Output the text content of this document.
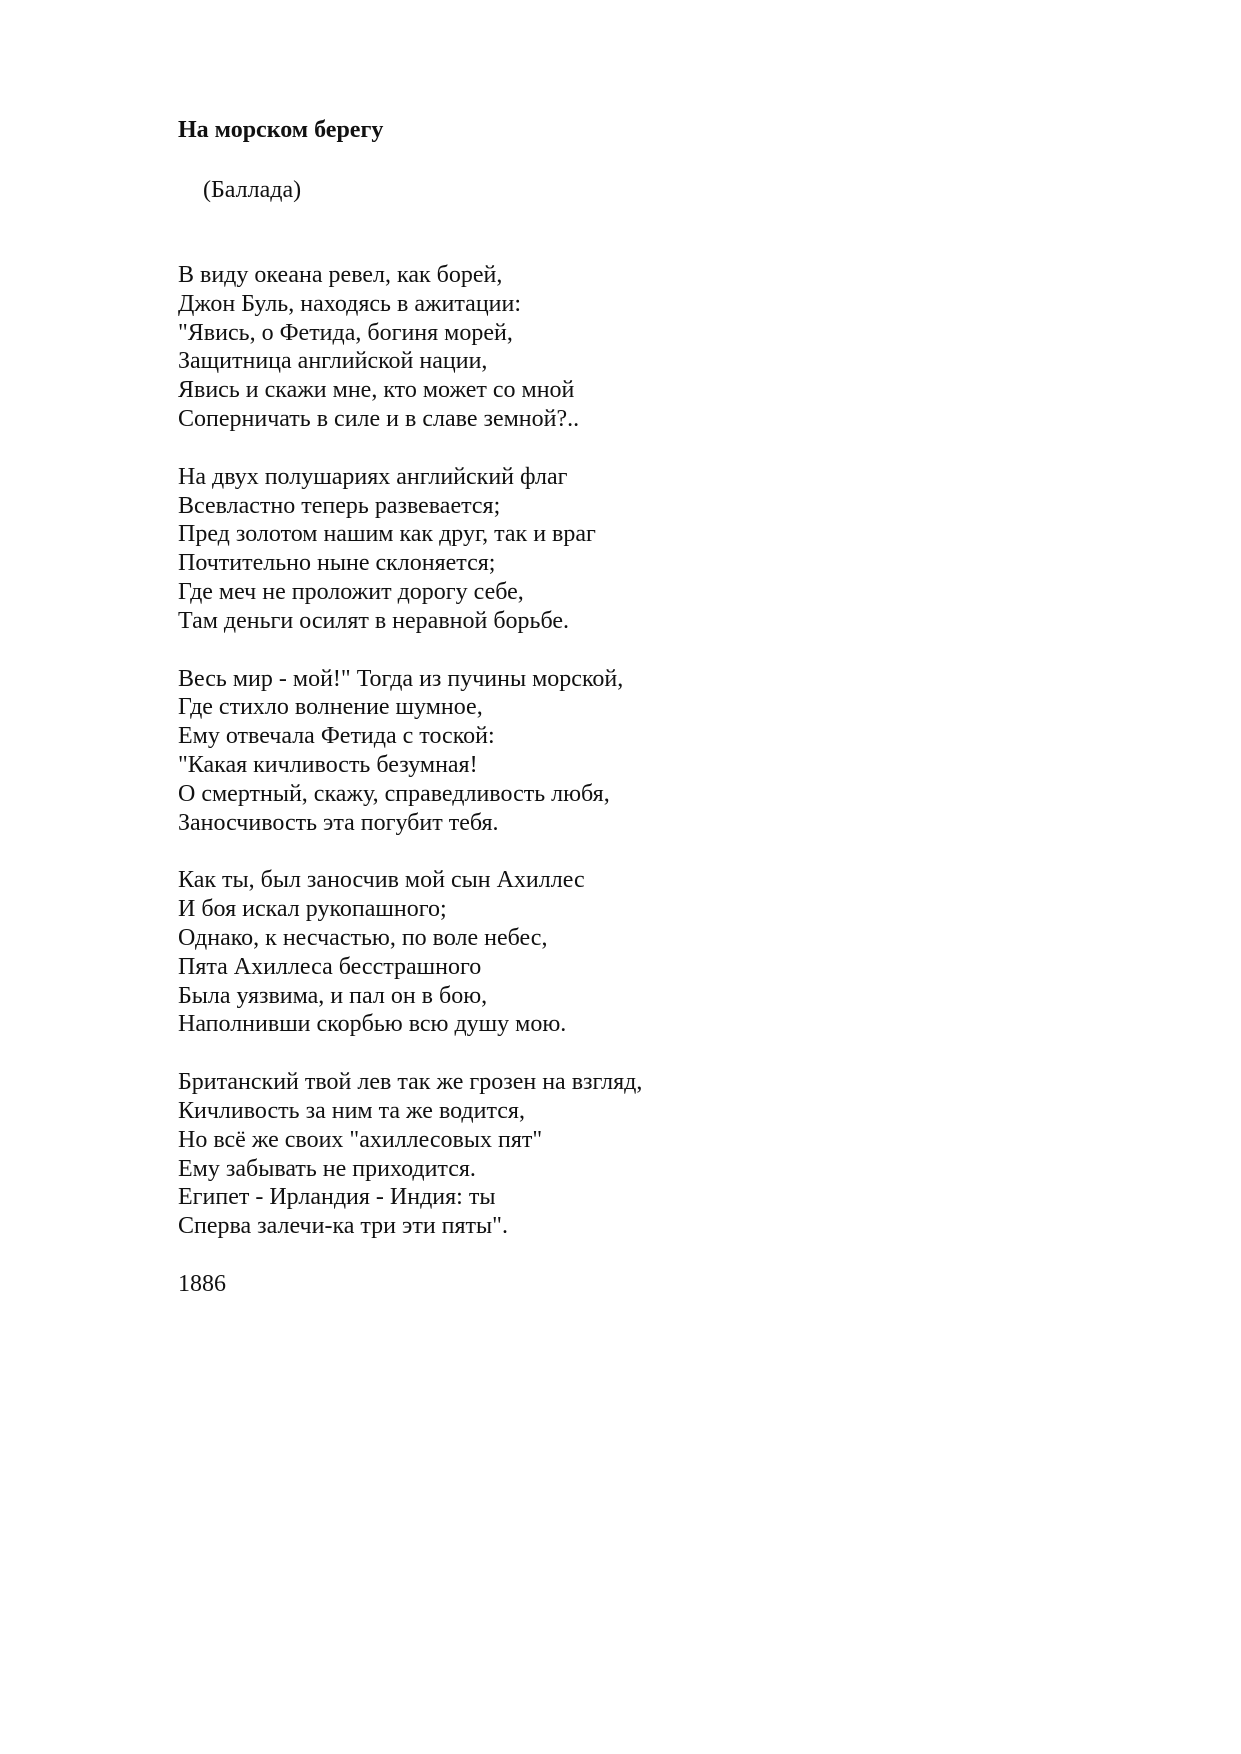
На морском берегу
(Баллада)
В виду океана ревел, как борей,
Джон Буль, находясь в ажитации:
"Явись, о Фетида, богиня морей,
Защитница английской нации,
Явись и скажи мне, кто может со мной
Соперничать в силе и в славе земной?..
На двух полушариях английский флаг
Всевластно теперь развевается;
Пред золотом нашим как друг, так и враг
Почтительно ныне склоняется;
Где меч не проложит дорогу себе,
Там деньги осилят в неравной борьбе.
Весь мир - мой!" Тогда из пучины морской,
Где стихло волнение шумное,
Ему отвечала Фетида с тоской:
"Какая кичливость безумная!
О смертный, скажу, справедливость любя,
Заносчивость эта погубит тебя.
Как ты, был заносчив мой сын Ахиллес
И боя искал рукопашного;
Однако, к несчастью, по воле небес,
Пята Ахиллеса бесстрашного
Была уязвима, и пал он в бою,
Наполнивши скорбью всю душу мою.
Британский твой лев так же грозен на взгляд,
Кичливость за ним та же водится,
Но всё же своих "ахиллесовых пят"
Ему забывать не приходится.
Египет - Ирландия - Индия: ты
Сперва залечи-ка три эти пяты".
1886
